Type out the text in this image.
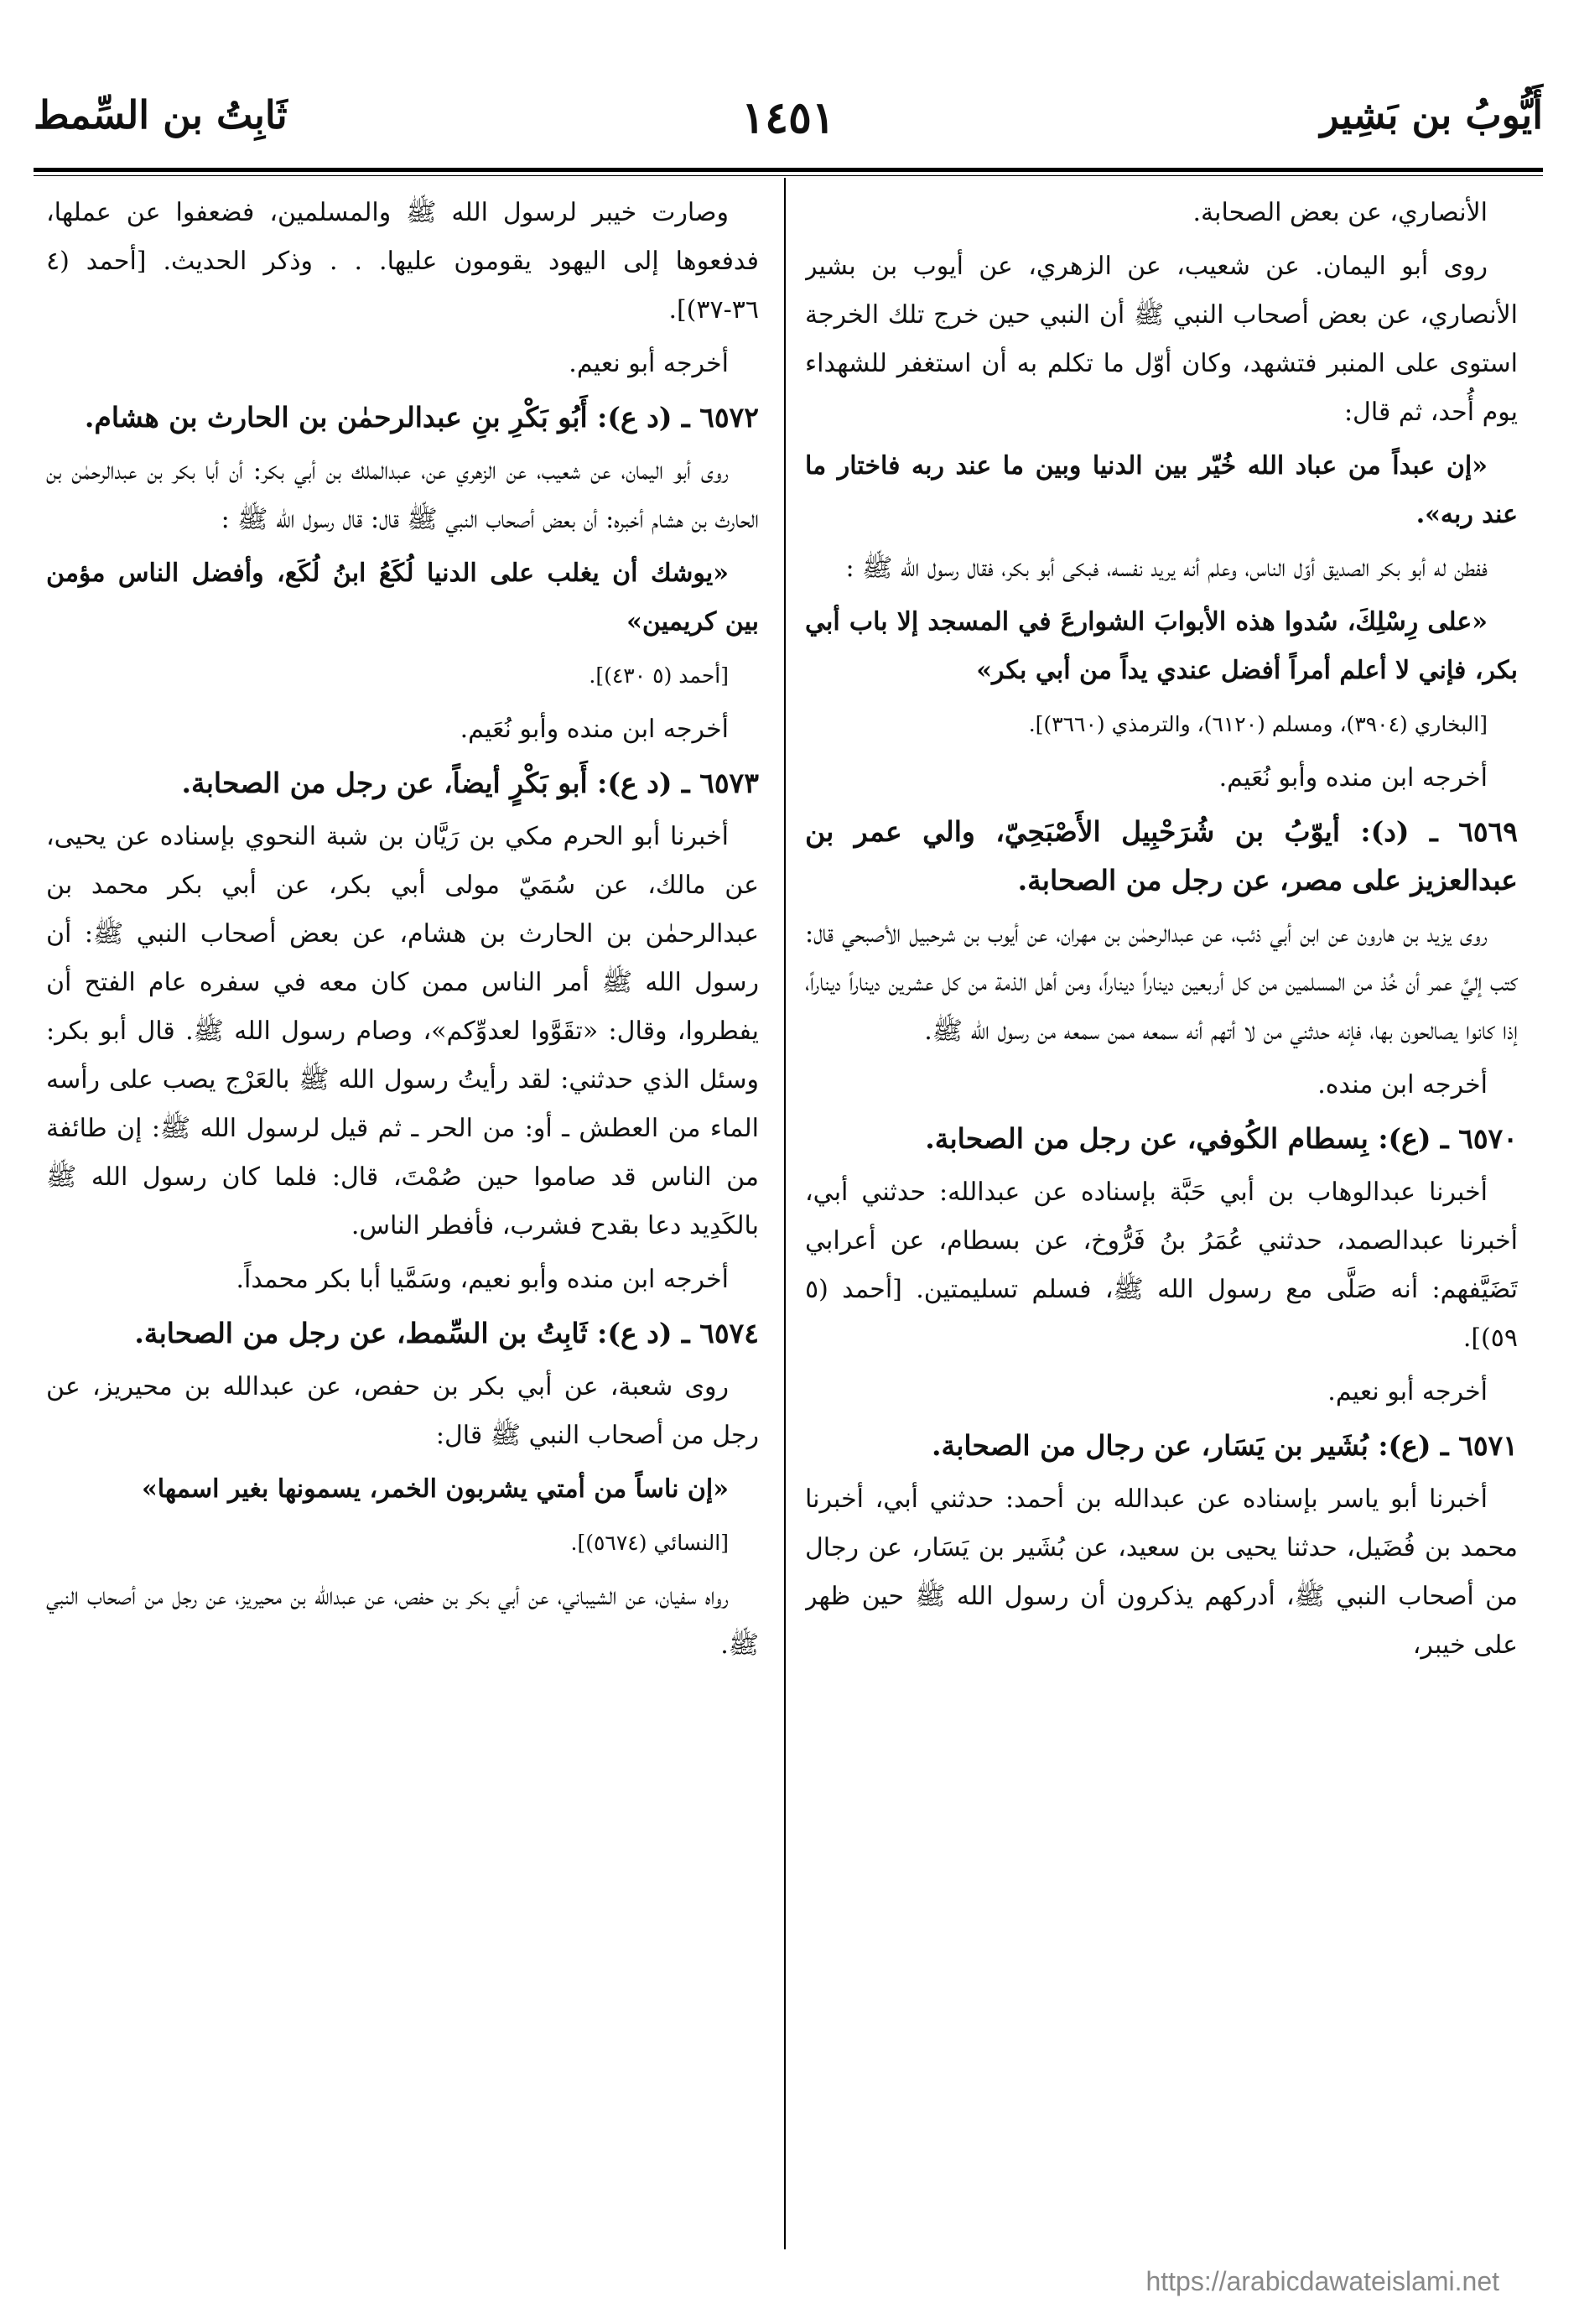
أَيُّوبُ بن بَشِير
١٤٥١
ثَابِتُ بن السِّمط

الأنصاري، عن بعض الصحابة.

روى أبو اليمان. عن شعيب، عن الزهري، عن أيوب بن بشير الأنصاري، عن بعض أصحاب النبي ﷺ أن النبي حين خرج تلك الخرجة استوى على المنبر فتشهد، وكان أوّل ما تكلم به أن استغفر للشهداء يوم أُحد، ثم قال:

«إن عبداً من عباد الله خُيّر بين الدنيا وبين ما عند ربه فاختار ما عند ربه».

ففطن له أبو بكر الصديق أوّل الناس، وعلم أنه يريد نفسه، فبكى أبو بكر، فقال رسول الله ﷺ :

«على رِسْلِكَ، سُدوا هذه الأبوابَ الشوارعَ في المسجد إلا باب أبي بكر، فإني لا أعلم أمراً أفضل عندي يداً من أبي بكر»

[البخاري (٣٩٠٤)، ومسلم (٦١٢٠)، والترمذي (٣٦٦٠)].

أخرجه ابن منده وأبو نُعَيم.

٦٥٦٩ ـ (د): أيوّبُ بن شُرَحْبِيل الأَصْبَحِيّ، والي عمر بن عبدالعزيز على مصر، عن رجل من الصحابة.

روى يزيد بن هارون عن ابن أبي ذئب، عن عبدالرحمٰن بن مهران، عن أيوب بن شرحبيل الأصبحي قال: كتب إليَّ عمر أن خُذ من المسلمين من كل أربعين ديناراً ديناراً، ومن أهل الذمة من كل عشرين ديناراً ديناراً، إذا كانوا يصالحون بها، فإنه حدثني من لا أتهم أنه سمعه ممن سمعه من رسول الله ﷺ.

أخرجه ابن منده.

٦٥٧٠ ـ (ع): بِسطام الكُوفي، عن رجل من الصحابة.

أخبرنا عبدالوهاب بن أبي حَبَّة بإسناده عن عبدالله: حدثني أبي، أخبرنا عبدالصمد، حدثني عُمَرُ بنُ فَرُّوخ، عن بسطام، عن أعرابي تَضَيَّفهم: أنه صَلَّى مع رسول الله ﷺ، فسلم تسليمتين. [أحمد (٥ ٥٩)].

أخرجه أبو نعيم.

٦٥٧١ ـ (ع): بُشَير بن يَسَار، عن رجال من الصحابة.

أخبرنا أبو ياسر بإسناده عن عبدالله بن أحمد: حدثني أبي، أخبرنا محمد بن فُضَيل، حدثنا يحيى بن سعيد، عن بُشَير بن يَسَار، عن رجال من أصحاب النبي ﷺ، أدركهم يذكرون أن رسول الله ﷺ حين ظهر على خيبر،

وصارت خيبر لرسول الله ﷺ والمسلمين، فضعفوا عن عملها، فدفعوها إلى اليهود يقومون عليها. . . وذكر الحديث. [أحمد (٤ ٣٦-٣٧)].

أخرجه أبو نعيم.

٦٥٧٢ ـ (د ع): أَبُو بَكْرِ بنِ عبدالرحمٰن بن الحارث بن هشام.

روى أبو اليمان، عن شعيب، عن الزهري عن، عبدالملك بن أبي بكر: أن أبا بكر بن عبدالرحمٰن بن الحارث بن هشام أخبره: أن بعض أصحاب النبي ﷺ قال: قال رسول الله ﷺ :

«يوشك أن يغلب على الدنيا لُكَعُ ابنُ لُكَع، وأفضل الناس مؤمن بين كريمين»

[أحمد (٥ ٤٣٠)].

أخرجه ابن منده وأبو نُعَيم.

٦٥٧٣ ـ (د ع): أَبو بَكْرٍ أيضاً، عن رجل من الصحابة.

أخبرنا أبو الحرم مكي بن رَيَّان بن شبة النحوي بإسناده عن يحيى، عن مالك، عن سُمَيّ مولى أبي بكر، عن أبي بكر محمد بن عبدالرحمٰن بن الحارث بن هشام، عن بعض أصحاب النبي ﷺ: أن رسول الله ﷺ أمر الناس ممن كان معه في سفره عام الفتح أن يفطروا، وقال: «تقَوَّوا لعدوِّكم»، وصام رسول الله ﷺ. قال أبو بكر: وسئل الذي حدثني: لقد رأيتُ رسول الله ﷺ بالعَرْج يصب على رأسه الماء من العطش ـ أو: من الحر ـ ثم قيل لرسول الله ﷺ: إن طائفة من الناس قد صاموا حين صُمْتَ، قال: فلما كان رسول الله ﷺ بالكَدِيد دعا بقدح فشرب، فأفطر الناس.

أخرجه ابن منده وأبو نعيم، وسَمَّيا أبا بكر محمداً.

٦٥٧٤ ـ (د ع): ثَابِتُ بن السِّمط، عن رجل من الصحابة.

روى شعبة، عن أبي بكر بن حفص، عن عبدالله بن محيريز، عن رجل من أصحاب النبي ﷺ قال:

«إن ناساً من أمتي يشربون الخمر، يسمونها بغير اسمها»

[النسائي (٥٦٧٤)].

رواه سفيان، عن الشيباني، عن أبي بكر بن حفص، عن عبدالله بن محيريز، عن رجل من أصحاب النبي ﷺ.

https://arabicdawateislami.net
